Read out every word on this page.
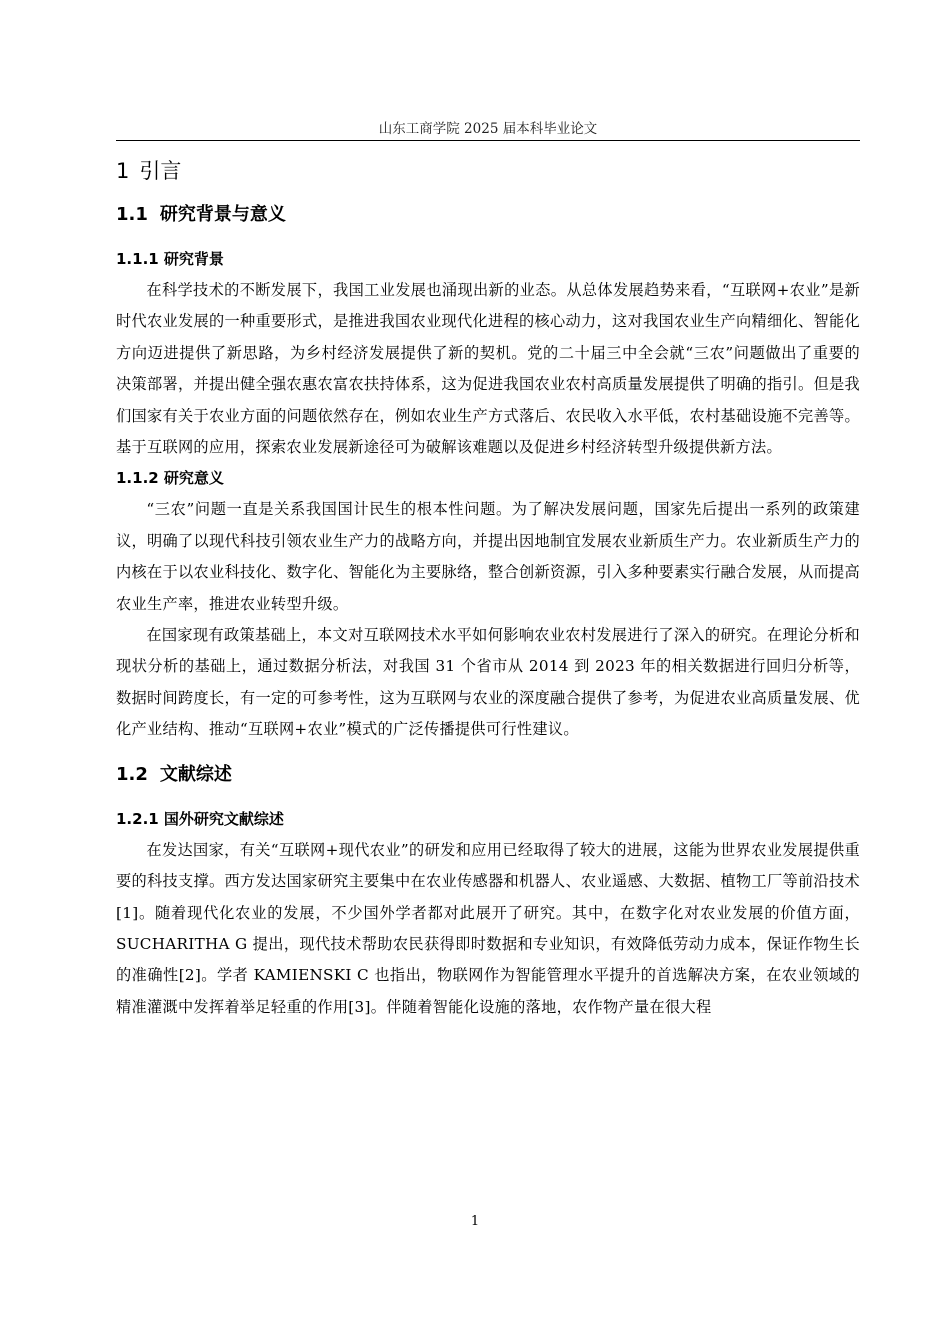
山东工商学院 2025 届本科毕业论文
1 引言
1.1 研究背景与意义
1.1.1 研究背景

在科学技术的不断发展下，我国工业发展也涌现出新的业态。从总体发展趋势来看，“互联网+农业”是新时代农业发展的一种重要形式，是推进我国农业现代化进程的核心动力，这对我国农业生产向精细化、智能化方向迈进提供了新思路，为乡村经济发展提供了新的契机。党的二十届三中全会就“三农”问题做出了重要的决策部署，并提出健全强农惠农富农扶持体系，这为促进我国农业农村高质量发展提供了明确的指引。但是我们国家有关于农业方面的问题依然存在，例如农业生产方式落后、农民收入水平低，农村基础设施不完善等。基于互联网的应用，探索农业发展新途径可为破解该难题以及促进乡村经济转型升级提供新方法。

1.1.2 研究意义

“三农”问题一直是关系我国国计民生的根本性问题。为了解决发展问题，国家先后提出一系列的政策建议，明确了以现代科技引领农业生产力的战略方向，并提出因地制宜发展农业新质生产力。农业新质生产力的内核在于以农业科技化、数字化、智能化为主要脉络，整合创新资源，引入多种要素实行融合发展，从而提高农业生产率，推进农业转型升级。

在国家现有政策基础上，本文对互联网技术水平如何影响农业农村发展进行了深入的研究。在理论分析和现状分析的基础上，通过数据分析法，对我国 31 个省市从 2014 到 2023 年的相关数据进行回归分析等，数据时间跨度长，有一定的可参考性，这为互联网与农业的深度融合提供了参考，为促进农业高质量发展、优化产业结构、推动“互联网+农业”模式的广泛传播提供可行性建议。

1.2 文献综述
1.2.1 国外研究文献综述

在发达国家，有关“互联网+现代农业”的研发和应用已经取得了较大的进展，这能为世界农业发展提供重要的科技支撑。西方发达国家研究主要集中在农业传感器和机器人、农业遥感、大数据、植物工厂等前沿技术[1]。随着现代化农业的发展，不少国外学者都对此展开了研究。其中，在数字化对农业发展的价值方面，SUCHARITHA G 提出，现代技术帮助农民获得即时数据和专业知识，有效降低劳动力成本，保证作物生长的准确性[2]。学者 KAMIENSKI C 也指出，物联网作为智能管理水平提升的首选解决方案，在农业领域的精准灌溉中发挥着举足轻重的作用[3]。伴随着智能化设施的落地，农作物产量在很大程

1
